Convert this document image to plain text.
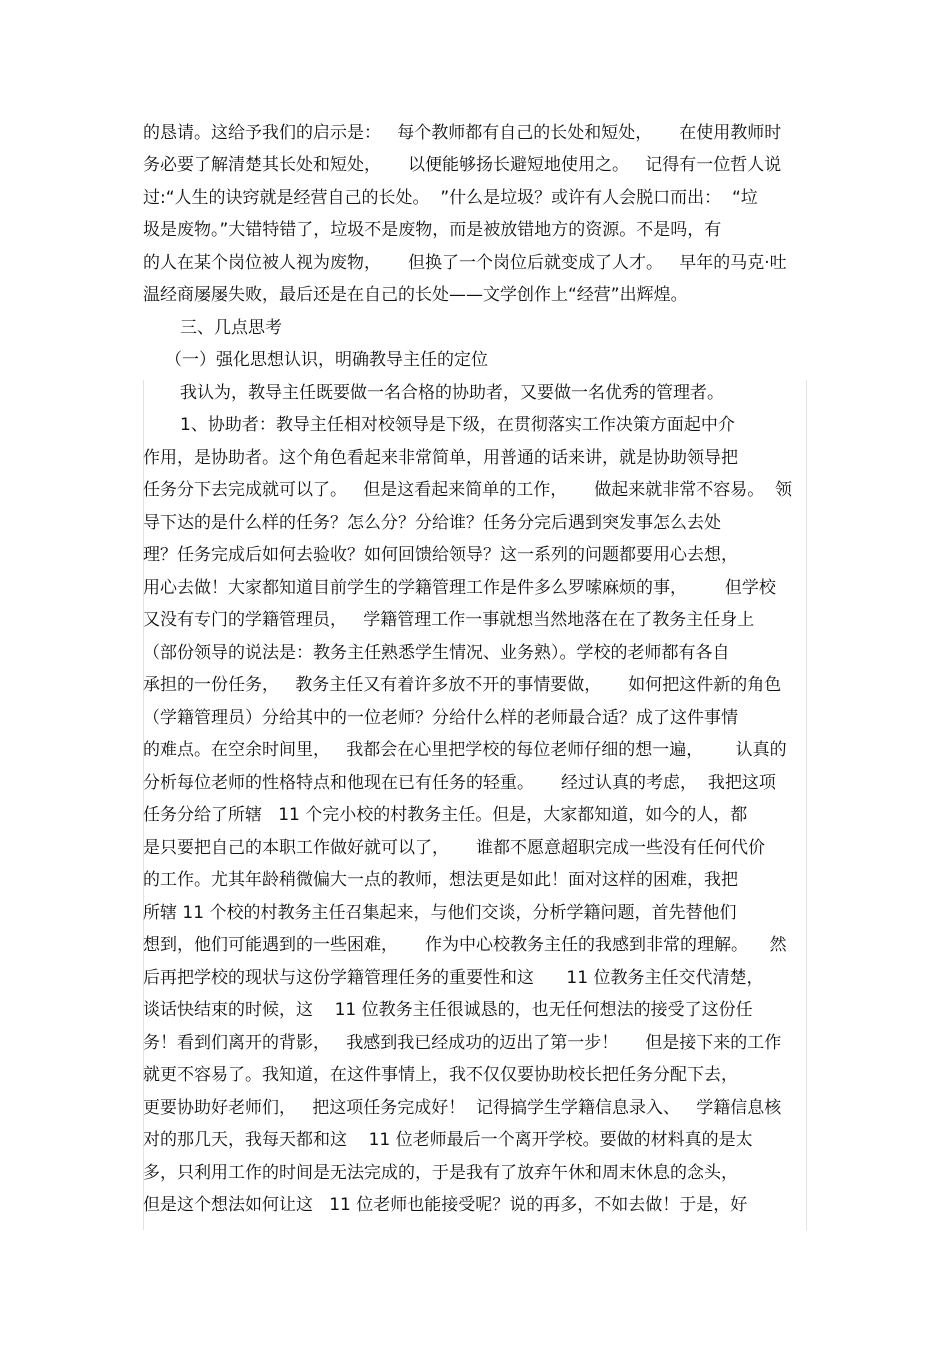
的恳请。这给予我们的启示是：   每个教师都有自己的长处和短处，     在使用教师时
务必要了解清楚其长处和短处，     以便能够扬长避短地使用之。   记得有一位哲人说
过:“人生的诀窍就是经营自己的长处。  ”什么是垃圾？或许有人会脱口而出：  “垃
圾是废物。”大错特错了，垃圾不是废物，而是被放错地方的资源。不是吗，有
的人在某个岗位被人视为废物，     但换了一个岗位后就变成了人才。   早年的马克·吐
温经商屡屡失败，最后还是在自己的长处——文学创作上“经营”出辉煌。
三、几点思考
（一）强化思想认识，明确教导主任的定位
我认为，教导主任既要做一名合格的协助者，又要做一名优秀的管理者。
1、协助者：教导主任相对校领导是下级，在贯彻落实工作决策方面起中介
作用，是协助者。这个角色看起来非常简单，用普通的话来讲，就是协助领导把
任务分下去完成就可以了。   但是这看起来简单的工作，     做起来就非常不容易。  领
导下达的是什么样的任务？怎么分？分给谁？任务分完后遇到突发事怎么去处
理？任务完成后如何去验收？如何回馈给领导？这一系列的问题都要用心去想，
用心去做！大家都知道目前学生的学籍管理工作是件多么罗嗦麻烦的事，       但学校
又没有专门的学籍管理员，   学籍管理工作一事就想当然地落在在了教务主任身上
（部份领导的说法是：教务主任熟悉学生情况、业务熟）。学校的老师都有各自
承担的一份任务，   教务主任又有着许多放不开的事情要做，     如何把这件新的角色
（学籍管理员）分给其中的一位老师？分给什么样的老师最合适？成了这件事情
的难点。在空余时间里，   我都会在心里把学校的每位老师仔细的想一遍，      认真的
分析每位老师的性格特点和他现在已有任务的轻重。     经过认真的考虑，  我把这项
任务分给了所辖   11 个完小校的村教务主任。但是，大家都知道，如今的人，都
是只要把自己的本职工作做好就可以了，     谁都不愿意超职完成一些没有任何代价
的工作。尤其年龄稍微偏大一点的教师，想法更是如此！面对这样的困难，我把
所辖 11 个校的村教务主任召集起来，与他们交谈，分析学籍问题，首先替他们
想到，他们可能遇到的一些困难，     作为中心校教务主任的我感到非常的理解。    然
后再把学校的现状与这份学籍管理任务的重要性和这      11 位教务主任交代清楚，
谈话快结束的时候，这    11 位教务主任很诚恳的，也无任何想法的接受了这份任
务！看到们离开的背影，   我感到我已经成功的迈出了第一步！     但是接下来的工作
就更不容易了。我知道，在这件事情上，我不仅仅要协助校长把任务分配下去，
更要协助好老师们，   把这项任务完成好！  记得搞学生学籍信息录入、   学籍信息核
对的那几天，我每天都和这    11 位老师最后一个离开学校。要做的材料真的是太
多，只利用工作的时间是无法完成的，于是我有了放弃午休和周末休息的念头，
但是这个想法如何让这   11 位老师也能接受呢？说的再多，不如去做！于是，好
